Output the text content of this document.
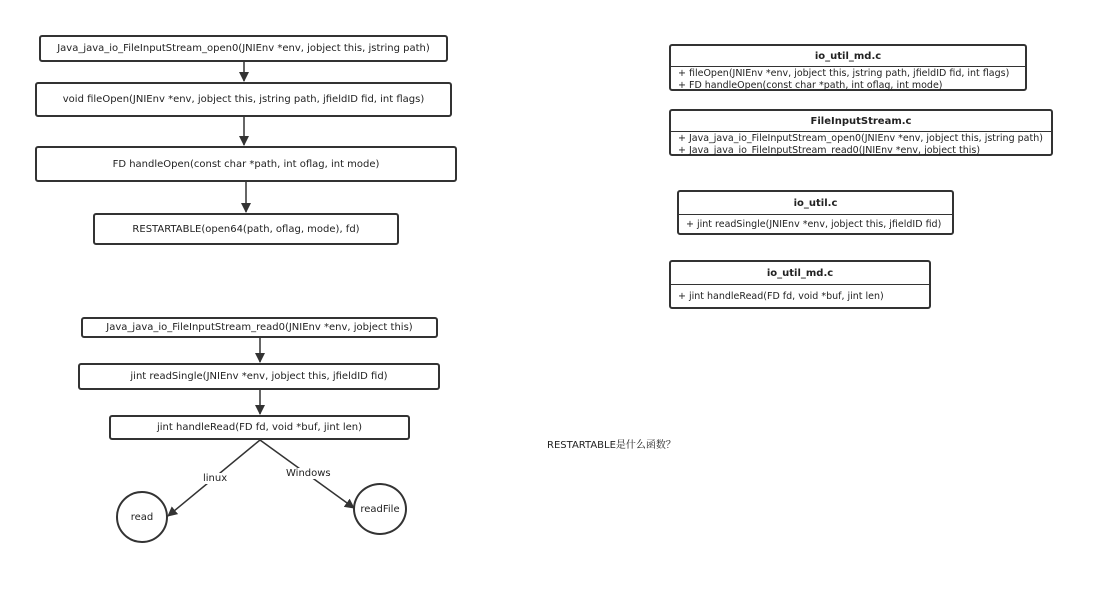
Java_java_io_FileInputStream_open0(JNIEnv *env, jobject this, jstring path)
void fileOpen(JNIEnv *env, jobject this, jstring path, jfieldID fid, int flags)
FD handleOpen(const char *path, int oflag, int mode)
RESTARTABLE(open64(path, oflag, mode), fd)
Java_java_io_FileInputStream_read0(JNIEnv *env, jobject this)
jint readSingle(JNIEnv *env, jobject this, jfieldID fid)
jint handleRead(FD fd, void *buf, jint len)
linux	Windows
read
readFile
RESTARTABLE是什么函数？
io_util_md.c
+ fileOpen(JNIEnv *env, jobject this, jstring path, jfieldID fid, int flags)
+ FD handleOpen(const char *path, int oflag, int mode)
FileInputStream.c
+ Java_java_io_FileInputStream_open0(JNIEnv *env, jobject this, jstring path)
+ Java_java_io_FileInputStream_read0(JNIEnv *env, jobject this)
io_util.c
+ jint readSingle(JNIEnv *env, jobject this, jfieldID fid)
io_util_md.c
+ jint handleRead(FD fd, void *buf, jint len)
